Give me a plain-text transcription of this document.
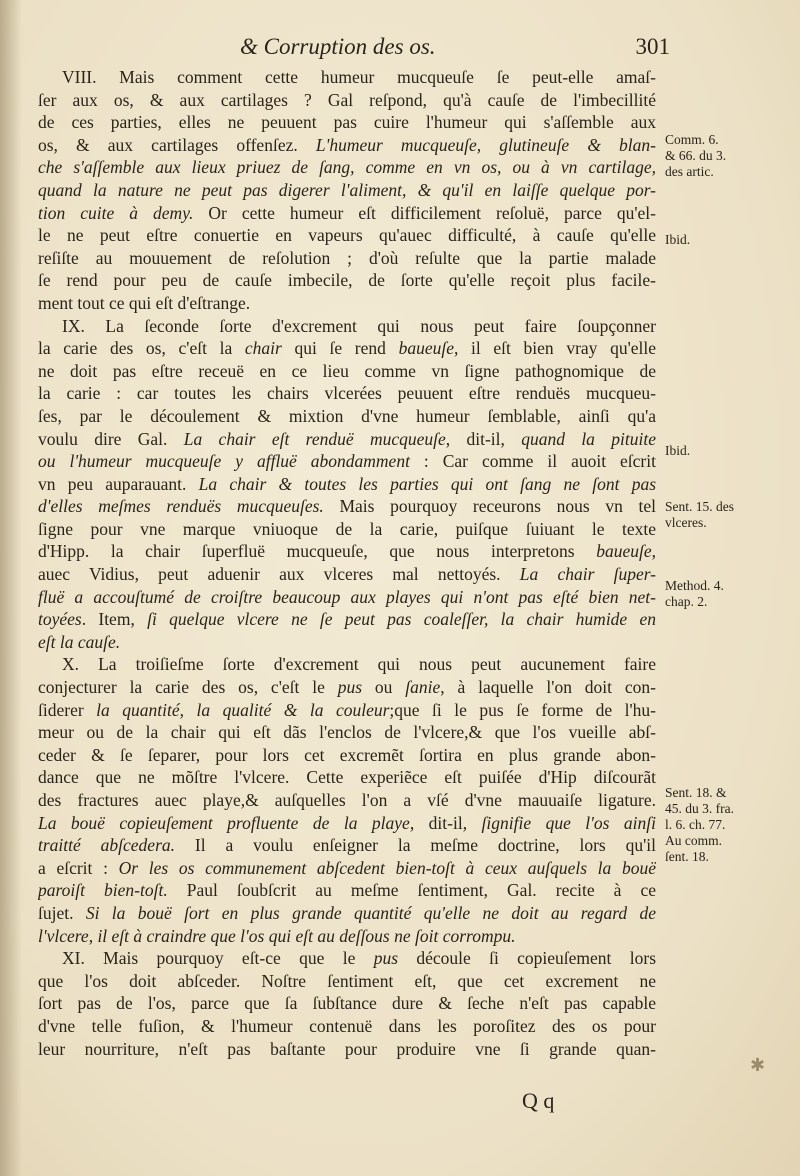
& Corruption des os.	301
VIII. Mais comment cette humeur mucqueuſe ſe peut-elle amaſ-
ſer aux os, & aux cartilages ? Gal reſpond, qu'à cauſe de l'imbecillité
de ces parties, elles ne peuuent pas cuire l'humeur qui s'aſſemble aux
os, & aux cartilages offenſez. L'humeur mucqueuſe, glutineuſe & blan-
che s'aſſemble aux lieux priuez de ſang, comme en vn os, ou à vn cartilage,
quand la nature ne peut pas digerer l'aliment, & qu'il en laiſſe quelque por-
tion cuite à demy. Or cette humeur eſt difficilement reſoluë, parce qu'el-
le ne peut eſtre conuertie en vapeurs qu'auec difficulté, à cauſe qu'elle
reſiſte au mouuement de reſolution ; d'où reſulte que la partie malade
ſe rend pour peu de cauſe imbecile, de ſorte qu'elle reçoit plus facile-
ment tout ce qui eſt d'eſtrange.
IX. La ſeconde ſorte d'excrement qui nous peut faire ſoupçonner
la carie des os, c'eſt la chair qui ſe rend baueuſe, il eſt bien vray qu'elle
ne doit pas eſtre receuë en ce lieu comme vn ſigne pathognomique de
la carie : car toutes les chairs vlcerées peuuent eſtre renduës mucqueu-
ſes, par le découlement & mixtion d'vne humeur ſemblable, ainſi qu'a
voulu dire Gal. La chair eſt renduë mucqueuſe, dit-il, quand la pituite
ou l'humeur mucqueuſe y affluë abondamment : Car comme il auoit eſcrit
vn peu auparauant. La chair & toutes les parties qui ont ſang ne ſont pas
d'elles meſmes renduës mucqueuſes. Mais pourquoy receurons nous vn tel
ſigne pour vne marque vniuoque de la carie, puiſque ſuiuant le texte
d'Hipp. la chair ſuperfluë mucqueuſe, que nous interpretons baueuſe,
auec Vidius, peut aduenir aux vlceres mal nettoyés. La chair ſuper-
fluë a accouſtumé de croiſtre beaucoup aux playes qui n'ont pas eſté bien net-
toyées. Item, ſi quelque vlcere ne ſe peut pas coaleſſer, la chair humide en
eſt la cauſe.
X. La troiſieſme ſorte d'excrement qui nous peut aucunement faire
conjecturer la carie des os, c'eſt le pus ou ſanie, à laquelle l'on doit con-
ſiderer la quantité, la qualité & la couleur;que ſi le pus ſe forme de l'hu-
meur ou de la chair qui eſt dãs l'enclos de l'vlcere,& que l'os vueille abſ-
ceder & ſe ſeparer, pour lors cet excremẽt ſortira en plus grande abon-
dance que ne mõſtre l'vlcere. Cette experiẽce eſt puiſée d'Hip diſcourãt
des fractures auec playe,& auſquelles l'on a vſé d'vne mauuaiſe ligature.
La bouë copieuſement profluente de la playe, dit-il, ſignifie que l'os ainſi
traitté abſcedera. Il a voulu enſeigner la meſme doctrine, lors qu'il
a eſcrit : Or les os communement abſcedent bien-toſt à ceux auſquels la bouë
paroiſt bien-toſt. Paul ſoubſcrit au meſme ſentiment, Gal. recite à ce
ſujet. Si la bouë ſort en plus grande quantité qu'elle ne doit au regard de
l'vlcere, il eſt à craindre que l'os qui eſt au deſſous ne ſoit corrompu.
XI. Mais pourquoy eſt-ce que le pus découle ſi copieuſement lors
que l'os doit abſceder. Noſtre ſentiment eſt, que cet excrement ne
ſort pas de l'os, parce que ſa ſubſtance dure & ſeche n'eſt pas capable
d'vne telle fuſion, & l'humeur contenuë dans les poroſitez des os pour
leur nourriture, n'eſt pas baſtante pour produire vne ſi grande quan-
Comm. 6.
& 66. du 3.
des artic.
Ibid.
Ibid.
Sent. 15. des
vlceres.
Method. 4.
chap. 2.
Sent. 18. &
45. du 3. fra.
l. 6. ch. 77.
Au comm.
ſent. 18.
Q q
✱
